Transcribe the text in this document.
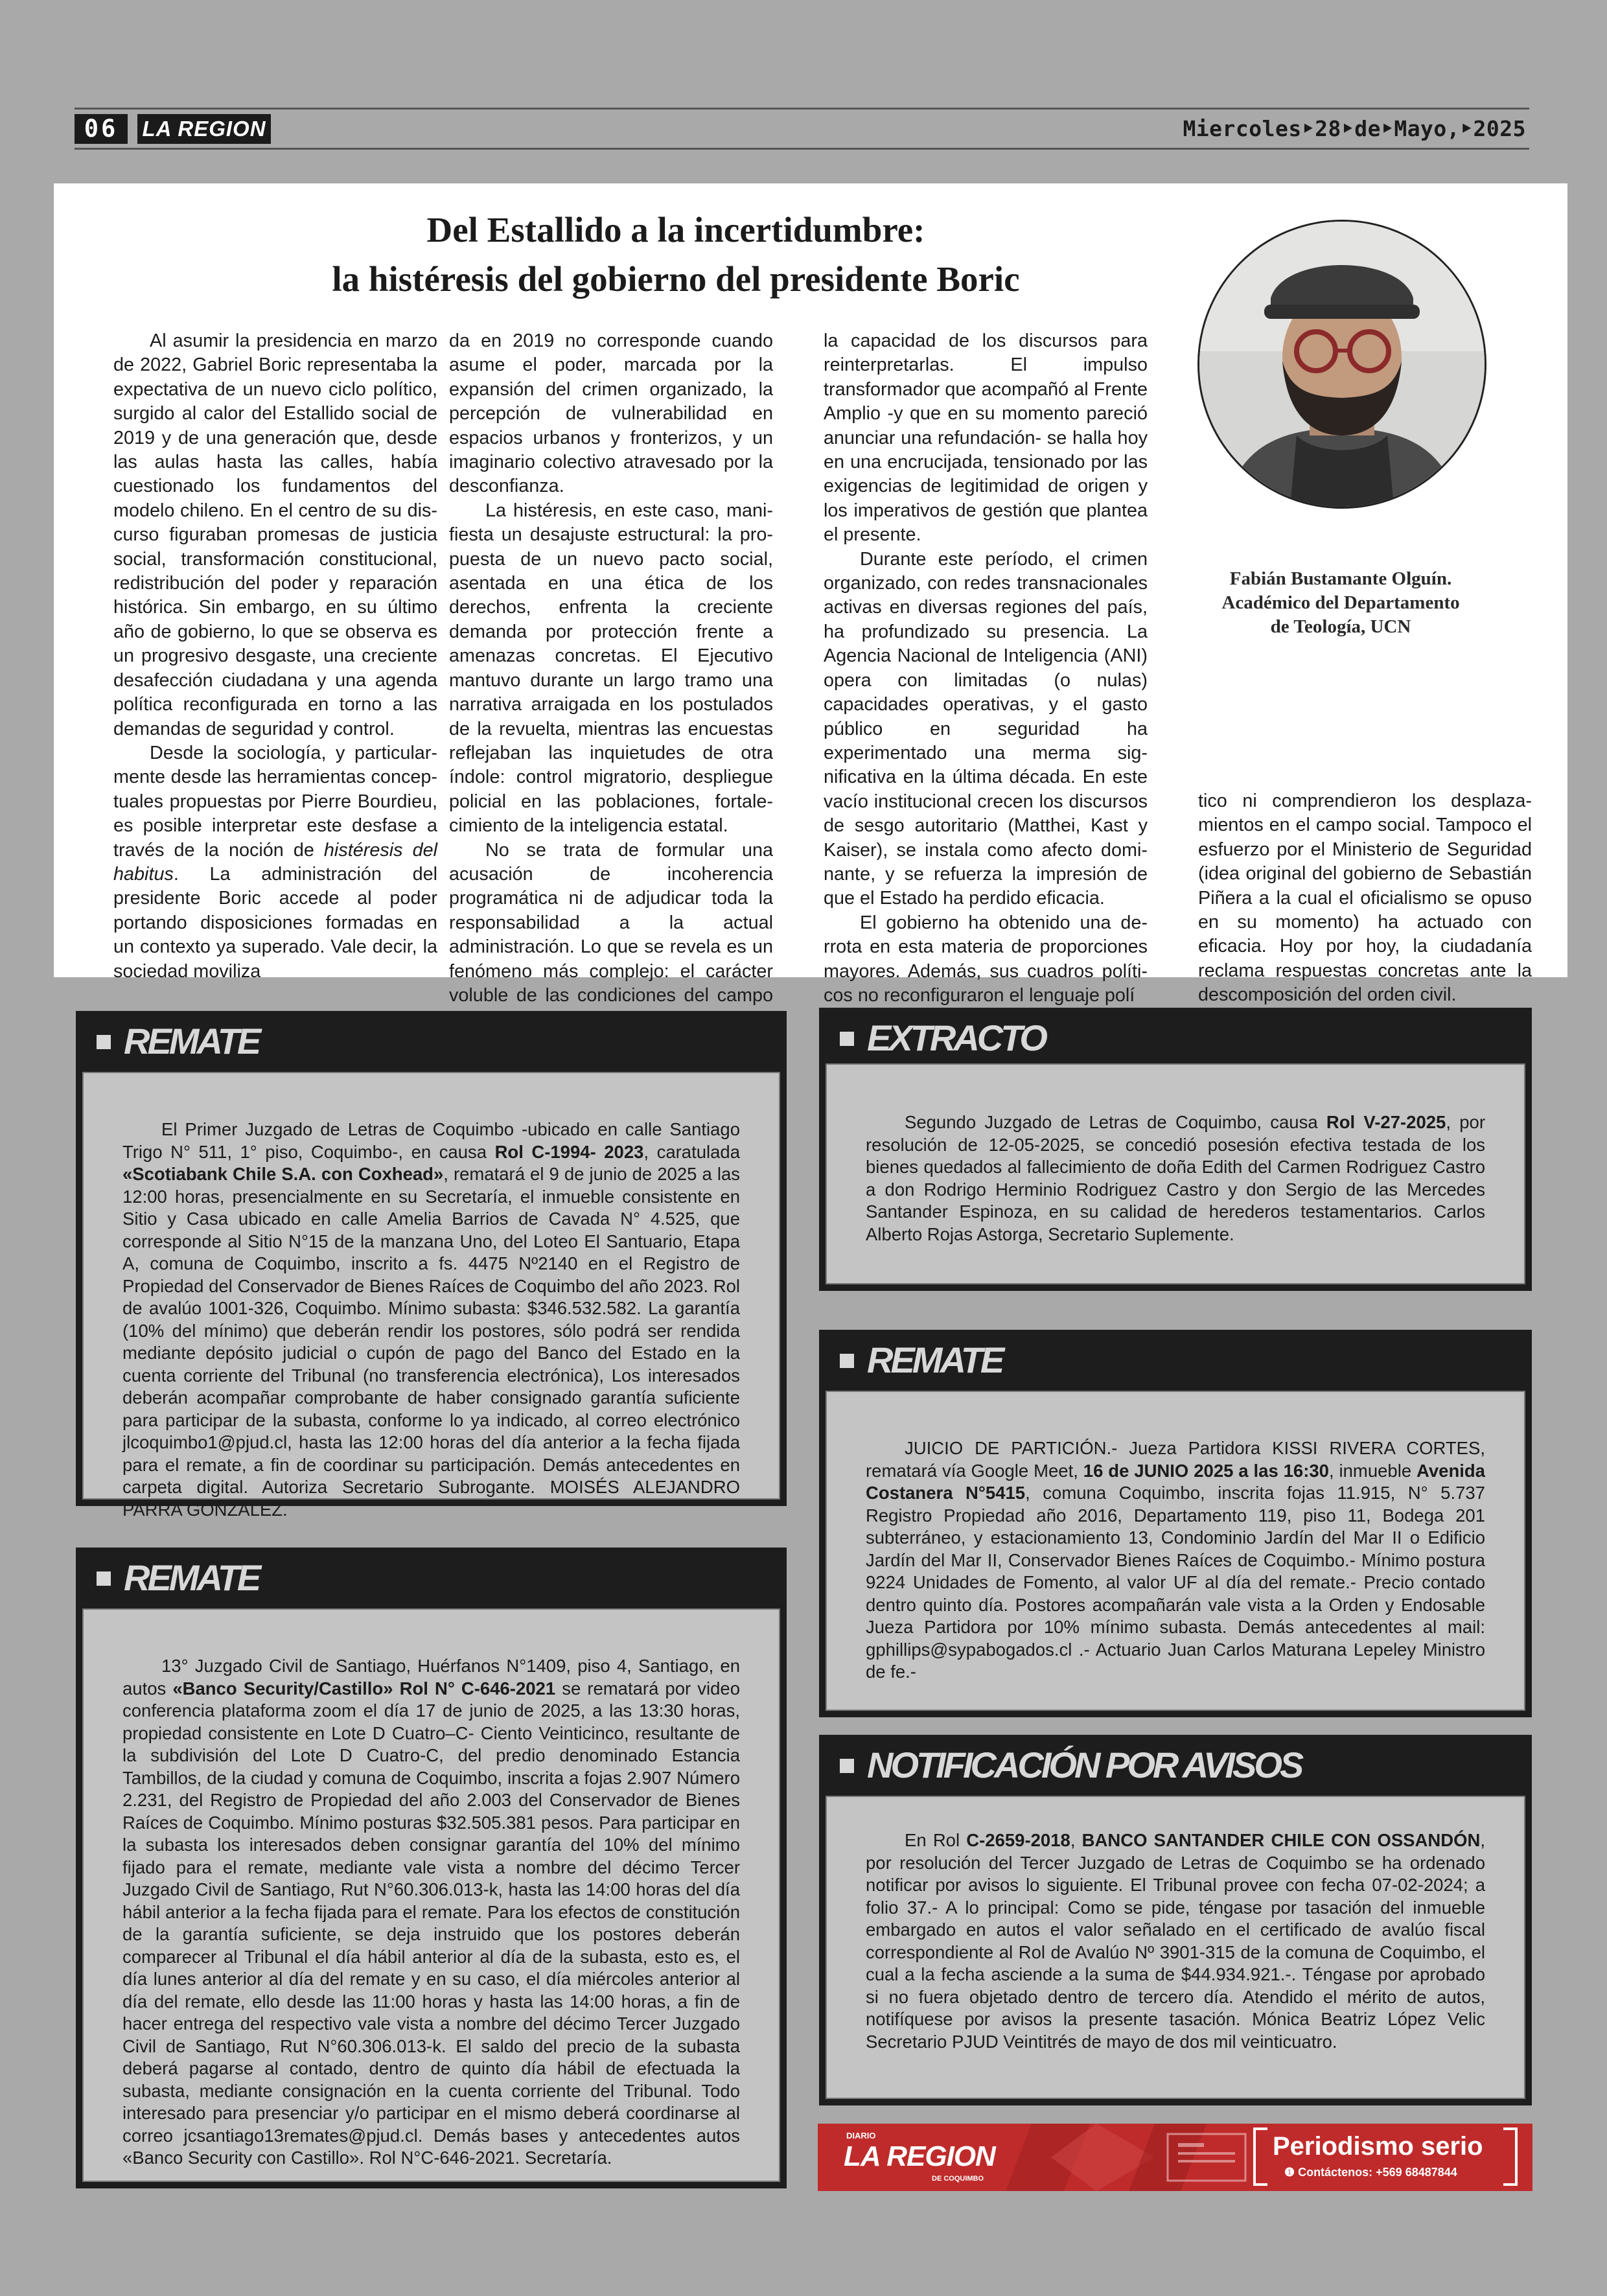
06	LA REGION	Miercoles‣28‣de‣Mayo,‣2025
Del Estallido a la incertidumbre:
la histéresis del gobierno del presidente Boric

Al asumir la presidencia en marzo de 2022, Gabriel Boric representaba la expectativa de un nuevo ciclo político, surgido al calor del Estallido social de 2019 y de una generación que, desde las aulas hasta las calles, había cuestionado los fundamentos del modelo chileno. En el centro de su discurso figuraban promesas de justicia social, transformación constitucional, redistribución del poder y reparación histórica. Sin embargo, en su último año de gobierno, lo que se observa es un progresivo desgaste, una creciente desafección ciudadana y una agenda política reconfigurada en torno a las demandas de seguridad y control.

Desde la sociología, y particularmente desde las herramientas conceptuales propuestas por Pierre Bourdieu, es posible interpretar este desfase a través de la noción de histéresis del habitus. La administración del presidente Boric accede al poder portando disposiciones formadas en un contexto ya superado. Vale decir, la sociedad moviliza

da en 2019 no corresponde cuando asume el poder, marcada por la expansión del crimen organizado, la percepción de vulnerabilidad en espacios urbanos y fronterizos, y un imaginario colectivo atravesado por la desconfianza.

La histéresis, en este caso, manifiesta un desajuste estructural: la propuesta de un nuevo pacto social, asentada en una ética de los derechos, enfrenta la creciente demanda por protección frente a amenazas concretas. El Ejecutivo mantuvo durante un largo tramo una narrativa arraigada en los postulados de la revuelta, mientras las encuestas reflejaban las inquietudes de otra índole: control migratorio, despliegue policial en las poblaciones, fortalecimiento de la inteligencia estatal.

No se trata de formular una acusación de incoherencia programática ni de adjudicar toda la responsabilidad a la actual administración. Lo que se revela es un fenómeno más complejo: el carácter voluble de las condiciones del campo

la capacidad de los discursos para reinterpretarlas. El impulso transformador que acompañó al Frente Amplio -y que en su momento pareció anunciar una refundación- se halla hoy en una encrucijada, tensionado por las exigencias de legitimidad de origen y los imperativos de gestión que plantea el presente.

Durante este período, el crimen organizado, con redes transnacionales activas en diversas regiones del país, ha profundizado su presencia. La Agencia Nacional de Inteligencia (ANI) opera con limitadas (o nulas) capacidades operativas, y el gasto público en seguridad ha experimentado una merma significativa en la última década. En este vacío institucional crecen los discursos de sesgo autoritario (Matthei, Kast y Kaiser), se instala como afecto dominante, y se refuerza la impresión de que el Estado ha perdido eficacia.

El gobierno ha obtenido una derrota en esta materia de proporciones mayores. Además, sus cuadros políticos no reconfiguraron el lenguaje polí

tico ni comprendieron los desplazamientos en el campo social. Tampoco el esfuerzo por el Ministerio de Seguridad (idea original del gobierno de Sebastián Piñera a la cual el oficialismo se opuso en su momento) ha actuado con eficacia. Hoy por hoy, la ciudadanía reclama respuestas concretas ante la descomposición del orden civil.

Fabián Bustamante Olguín.
Académico del Departamento
de Teología, UCN
REMATE

El Primer Juzgado de Letras de Coquimbo -ubicado en calle Santiago Trigo N° 511, 1° piso, Coquimbo-, en causa Rol C-1994- 2023, caratulada «Scotiabank Chile S.A. con Coxhead», rematará el 9 de junio de 2025 a las 12:00 horas, presencialmente en su Secretaría, el inmueble consistente en Sitio y Casa ubicado en calle Amelia Barrios de Cavada N° 4.525, que corresponde al Sitio N°15 de la manzana Uno, del Loteo El Santuario, Etapa A, comuna de Coquimbo, inscrito a fs. 4475 Nº2140 en el Registro de Propiedad del Conservador de Bienes Raíces de Coquimbo del año 2023. Rol de avalúo 1001-326, Coquimbo. Mínimo subasta: $346.532.582. La garantía (10% del mínimo) que deberán rendir los postores, sólo podrá ser rendida mediante depósito judicial o cupón de pago del Banco del Estado en la cuenta corriente del Tribunal (no transferencia electrónica), Los interesados deberán acompañar comprobante de haber consignado garantía suficiente para participar de la subasta, conforme lo ya indicado, al correo electrónico jlcoquimbo1@pjud.cl, hasta las 12:00 horas del día anterior a la fecha fijada para el remate, a fin de coordinar su participación. Demás antecedentes en carpeta digital. Autoriza Secretario Subrogante. MOISÉS ALEJANDRO PARRA GONZÁLEZ.

REMATE

13° Juzgado Civil de Santiago, Huérfanos N°1409, piso 4, Santiago, en autos «Banco Security/Castillo» Rol N° C-646-2021 se rematará por video conferencia plataforma zoom el día 17 de junio de 2025, a las 13:30 horas, propiedad consistente en Lote D Cuatro–C- Ciento Veinticinco, resultante de la subdivisión del Lote D Cuatro-C, del predio denominado Estancia Tambillos, de la ciudad y comuna de Coquimbo, inscrita a fojas 2.907 Número 2.231, del Registro de Propiedad del año 2.003 del Conservador de Bienes Raíces de Coquimbo. Mínimo posturas $32.505.381 pesos. Para participar en la subasta los interesados deben consignar garantía del 10% del mínimo fijado para el remate, mediante vale vista a nombre del décimo Tercer Juzgado Civil de Santiago, Rut N°60.306.013-k, hasta las 14:00 horas del día hábil anterior a la fecha fijada para el remate. Para los efectos de constitución de la garantía suficiente, se deja instruido que los postores deberán comparecer al Tribunal el día hábil anterior al día de la subasta, esto es, el día lunes anterior al día del remate y en su caso, el día miércoles anterior al día del remate, ello desde las 11:00 horas y hasta las 14:00 horas, a fin de hacer entrega del respectivo vale vista a nombre del décimo Tercer Juzgado Civil de Santiago, Rut N°60.306.013-k. El saldo del precio de la subasta deberá pagarse al contado, dentro de quinto día hábil de efectuada la subasta, mediante consignación en la cuenta corriente del Tribunal. Todo interesado para presenciar y/o participar en el mismo deberá coordinarse al correo jcsantiago13remates@pjud.cl. Demás bases y antecedentes autos «Banco Security con Castillo». Rol N°C-646-2021. Secretaría.

EXTRACTO

Segundo Juzgado de Letras de Coquimbo, causa Rol V-27-2025, por resolución de 12-05-2025, se concedió posesión efectiva testada de los bienes quedados al fallecimiento de doña Edith del Carmen Rodriguez Castro a don Rodrigo Herminio Rodriguez Castro y don Sergio de las Mercedes Santander Espinoza, en su calidad de herederos testamentarios. Carlos Alberto Rojas Astorga, Secretario Suplemente.

REMATE

JUICIO DE PARTICIÓN.- Jueza Partidora KISSI RIVERA CORTES, rematará vía Google Meet, 16 de JUNIO 2025 a las 16:30, inmueble Avenida Costanera N°5415, comuna Coquimbo, inscrita fojas 11.915, N° 5.737 Registro Propiedad año 2016, Departamento 119, piso 11, Bodega 201 subterráneo, y estacionamiento 13, Condominio Jardín del Mar II o Edificio Jardín del Mar II, Conservador Bienes Raíces de Coquimbo.- Mínimo postura 9224 Unidades de Fomento, al valor UF al día del remate.- Precio contado dentro quinto día. Postores acompañarán vale vista a la Orden y Endosable Jueza Partidora por 10% mínimo subasta. Demás antecedentes al mail: gphillips@sypabogados.cl .- Actuario Juan Carlos Maturana Lepeley Ministro de fe.-

NOTIFICACIÓN POR AVISOS

En Rol C-2659-2018, BANCO SANTANDER CHILE CON OSSANDÓN, por resolución del Tercer Juzgado de Letras de Coquimbo se ha ordenado notificar por avisos lo siguiente. El Tribunal provee con fecha 07-02-2024; a folio 37.- A lo principal: Como se pide, téngase por tasación del inmueble embargado en autos el valor señalado en el certificado de avalúo fiscal correspondiente al Rol de Avalúo Nº 3901-315 de la comuna de Coquimbo, el cual a la fecha asciende a la suma de $44.934.921.-. Téngase por aprobado si no fuera objetado dentro de tercero día. Atendido el mérito de autos, notifíquese por avisos la presente tasación. Mónica Beatriz López Velic Secretario PJUD Veintitrés de mayo de dos mil veinticuatro.

DIARIO
LA REGION
DE COQUIMBO
Periodismo serio
❶ Contáctenos: +569 68487844
